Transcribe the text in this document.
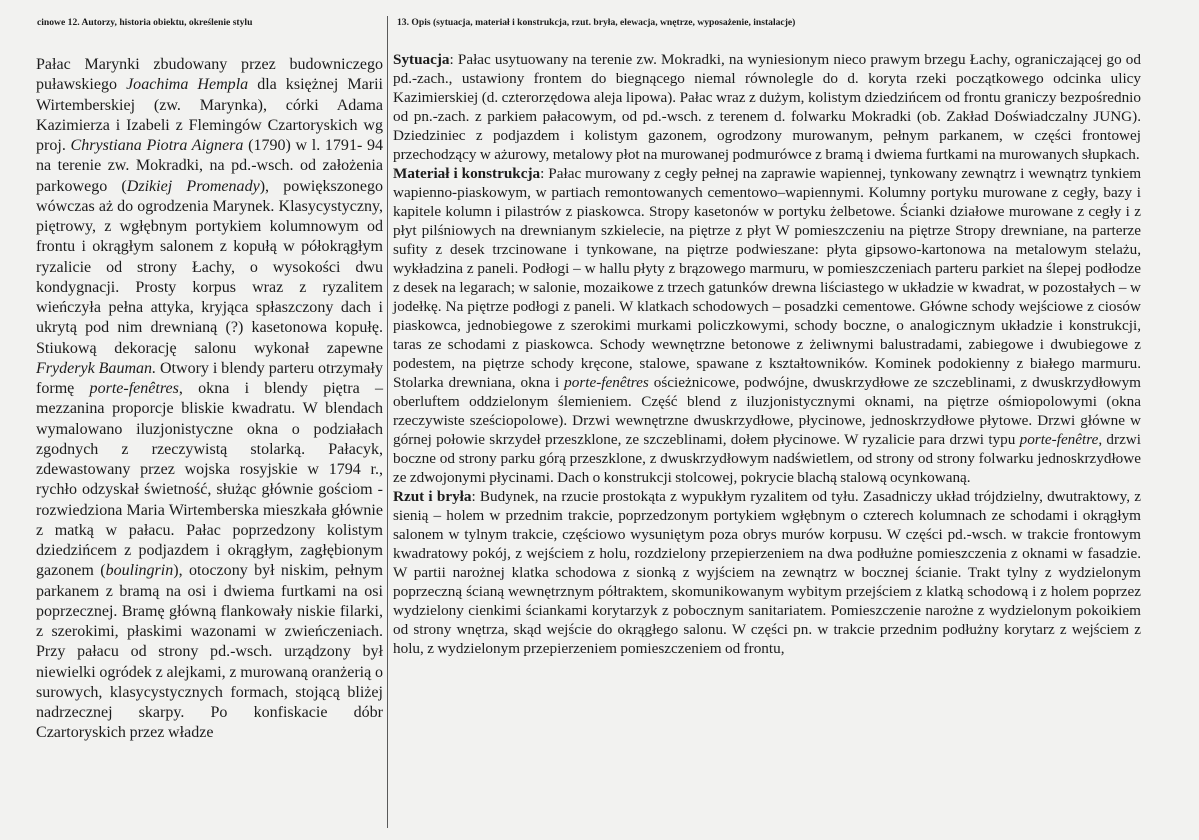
cinowe 12. Autorzy, historia obiektu, określenie stylu	13. Opis (sytuacja, materiał i konstrukcja, rzut. bryła, elewacja, wnętrze, wyposażenie, instalacje)
Pałac Marynki zbudowany przez budowniczego puławskiego Joachima Hempla dla księżnej Marii Wirtemberskiej (zw. Marynka), córki Adama Kazimierza i Izabeli z Flemingów Czartoryskich wg proj. Chrystiana Piotra Aignera (1790) w l. 1791- 94 na terenie zw. Mokradki, na pd.-wsch. od założenia parkowego (Dzikiej Promenady), powiększonego wówczas aż do ogrodzenia Marynek. Klasycystyczny, piętrowy, z wgłębnym portykiem kolumnowym od frontu i okrągłym salonem z kopułą w półokrągłym ryzalicie od strony Łachy, o wysokości dwu kondygnacji. Prosty korpus wraz z ryzalitem wieńczyła pełna attyka, kryjąca spłaszczony dach i ukrytą pod nim drewnianą (?) kasetonowa kopułę. Stiukową dekorację salonu wykonał zapewne Fryderyk Bauman. Otwory i blendy parteru otrzymały formę porte-fenêtres, okna i blendy piętra – mezzanina proporcje bliskie kwadratu. W blendach wymalowano iluzjonistyczne okna o podziałach zgodnych z rzeczywistą stolarką. Pałacyk, zdewastowany przez wojska rosyjskie w 1794 r., rychło odzyskał świetność, służąc głównie gościom - rozwiedziona Maria Wirtemberska mieszkała głównie z matką w pałacu. Pałac poprzedzony kolistym dziedzińcem z podjazdem i okrągłym, zagłębionym gazonem (boulingrin), otoczony był niskim, pełnym parkanem z bramą na osi i dwiema furtkami na osi poprzecznej. Bramę główną flankowały niskie filarki, z szerokimi, płaskimi wazonami w zwieńczeniach. Przy pałacu od strony pd.-wsch. urządzony był niewielki ogródek z alejkami, z murowaną oranżerią o surowych, klasycystycznych formach, stojącą bliżej nadrzecznej skarpy. Po konfiskacie dóbr Czartoryskich przez władze

Sytuacja: Pałac usytuowany na terenie zw. Mokradki, na wyniesionym nieco prawym brzegu Łachy, ograniczającej go od pd.-zach., ustawiony frontem do biegnącego niemal równolegle do d. koryta rzeki początkowego odcinka ulicy Kazimierskiej (d. czterorzędowa aleja lipowa). Pałac wraz z dużym, kolistym dziedzińcem od frontu graniczy bezpośrednio od pn.-zach. z parkiem pałacowym, od pd.-wsch. z terenem d. folwarku Mokradki (ob. Zakład Doświadczalny JUNG). Dziedziniec z podjazdem i kolistym gazonem, ogrodzony murowanym, pełnym parkanem, w części frontowej przechodzący w ażurowy, metalowy płot na murowanej podmurówce z bramą i dwiema furtkami na murowanych słupkach.

Materiał i konstrukcja: Pałac murowany z cegły pełnej na zaprawie wapiennej, tynkowany zewnątrz i wewnątrz tynkiem wapienno-piaskowym, w partiach remontowanych cementowo–wapiennymi. Kolumny portyku murowane z cegły, bazy i kapitele kolumn i pilastrów z piaskowca. Stropy kasetonów w portyku żelbetowe. Ścianki działowe murowane z cegły i z płyt pilśniowych na drewnianym szkielecie, na piętrze z płyt W pomieszczeniu na piętrze Stropy drewniane, na parterze sufity z desek trzcinowane i tynkowane, na piętrze podwieszane: płyta gipsowo-kartonowa na metalowym stelażu, wykładzina z paneli. Podłogi – w hallu płyty z brązowego marmuru, w pomieszczeniach parteru parkiet na ślepej podłodze z desek na legarach; w salonie, mozaikowe z trzech gatunków drewna liściastego w układzie w kwadrat, w pozostałych – w jodełkę. Na piętrze podłogi z paneli. W klatkach schodowych – posadzki cementowe. Główne schody wejściowe z ciosów piaskowca, jednobiegowe z szerokimi murkami policzkowymi, schody boczne, o analogicznym układzie i konstrukcji, taras ze schodami z piaskowca. Schody wewnętrzne betonowe z żeliwnymi balustradami, zabiegowe i dwubiegowe z podestem, na piętrze schody kręcone, stalowe, spawane z kształtowników. Kominek podokienny z białego marmuru. Stolarka drewniana, okna i porte-fenêtres ościeżnicowe, podwójne, dwuskrzydłowe ze szczeblinami, z dwuskrzydłowym oberluftem oddzielonym ślemieniem. Część blend z iluzjonistycznymi oknami, na piętrze ośmiopolowymi (okna rzeczywiste sześciopolowe). Drzwi wewnętrzne dwuskrzydłowe, płycinowe, jednoskrzydłowe płytowe. Drzwi główne w górnej połowie skrzydeł przeszklone, ze szczeblinami, dołem płycinowe. W ryzalicie para drzwi typu porte-fenêtre, drzwi boczne od strony parku górą przeszklone, z dwuskrzydłowym nadświetlem, od strony od strony folwarku jednoskrzydłowe ze zdwojonymi płycinami. Dach o konstrukcji stolcowej, pokrycie blachą stalową ocynkowaną.

Rzut i bryła: Budynek, na rzucie prostokąta z wypukłym ryzalitem od tyłu. Zasadniczy układ trójdzielny, dwutraktowy, z sienią – holem w przednim trakcie, poprzedzonym portykiem wgłębnym o czterech kolumnach ze schodami i okrągłym salonem w tylnym trakcie, częściowo wysuniętym poza obrys murów korpusu. W części pd.-wsch. w trakcie frontowym kwadratowy pokój, z wejściem z holu, rozdzielony przepierzeniem na dwa podłużne pomieszczenia z oknami w fasadzie. W partii narożnej klatka schodowa z sionką z wyjściem na zewnątrz w bocznej ścianie. Trakt tylny z wydzielonym poprzeczną ścianą wewnętrznym półtraktem, skomunikowanym wybitym przejściem z klatką schodową i z holem poprzez wydzielony cienkimi ściankami korytarzyk z pobocznym sanitariatem. Pomieszczenie narożne z wydzielonym pokoikiem od strony wnętrza, skąd wejście do okrągłego salonu. W części pn. w trakcie przednim podłużny korytarz z wejściem z holu, z wydzielonym przepierzeniem pomieszczeniem od frontu,
